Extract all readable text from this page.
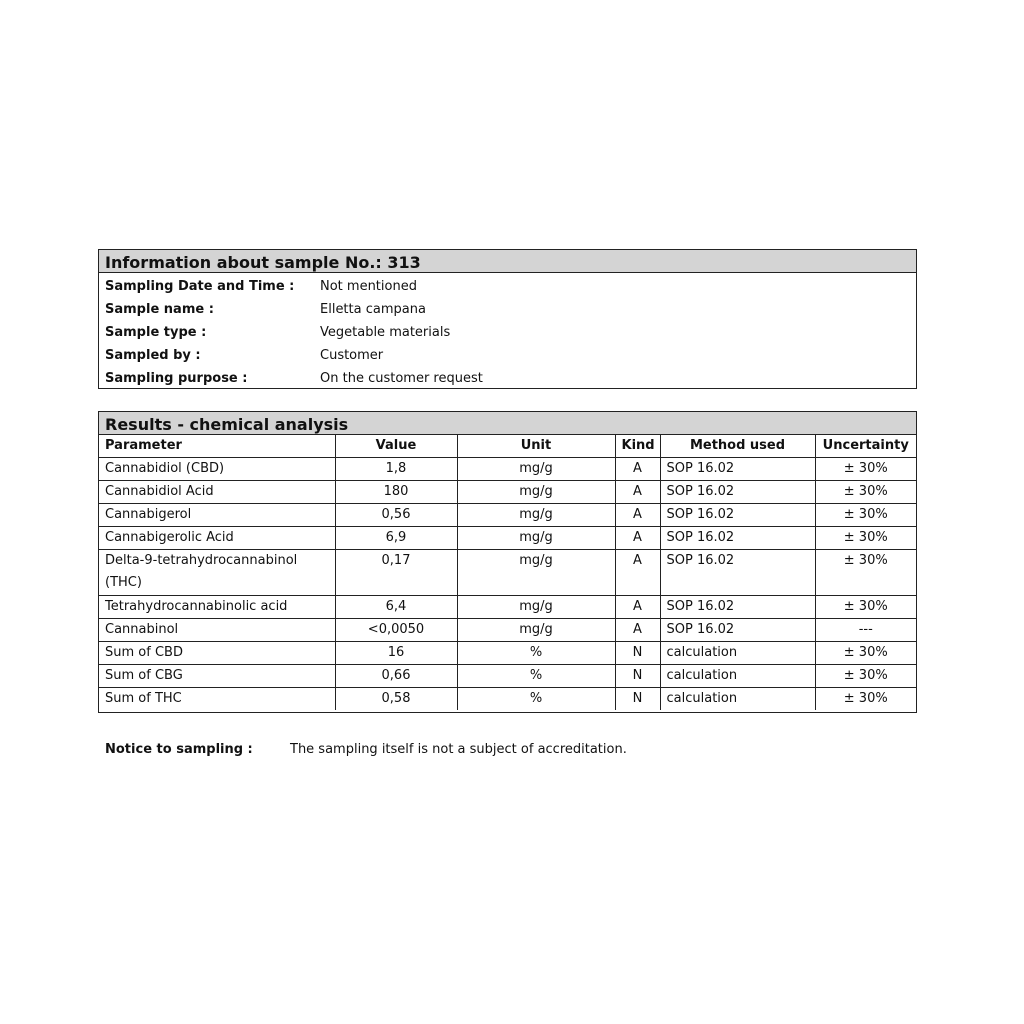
Information about sample No.: 313
Sampling Date and Time : Not mentioned
Sample name :	Elletta campana
Sample type :	Vegetable materials
Sampled by :	Customer
Sampling purpose :	On the customer request
Results - chemical analysis
Parameter	Value	Unit	Kind	Method used	Uncertainty
Cannabidiol (CBD)	1,8	mg/g	A	SOP 16.02	± 30%
Cannabidiol Acid	180	mg/g	A	SOP 16.02	± 30%
Cannabigerol	0,56	mg/g	A	SOP 16.02	± 30%
Cannabigerolic Acid	6,9	mg/g	A	SOP 16.02	± 30%
Delta-9-tetrahydrocannabinol (THC)	0,17	mg/g	A	SOP 16.02	± 30%
Tetrahydrocannabinolic acid	6,4	mg/g	A	SOP 16.02	± 30%
Cannabinol	<0,0050	mg/g	A	SOP 16.02	---
Sum of CBD	16	%	N	calculation	± 30%
Sum of CBG	0,66	%	N	calculation	± 30%
Sum of THC	0,58	%	N	calculation	± 30%
Notice to sampling :	The sampling itself is not a subject of accreditation.
